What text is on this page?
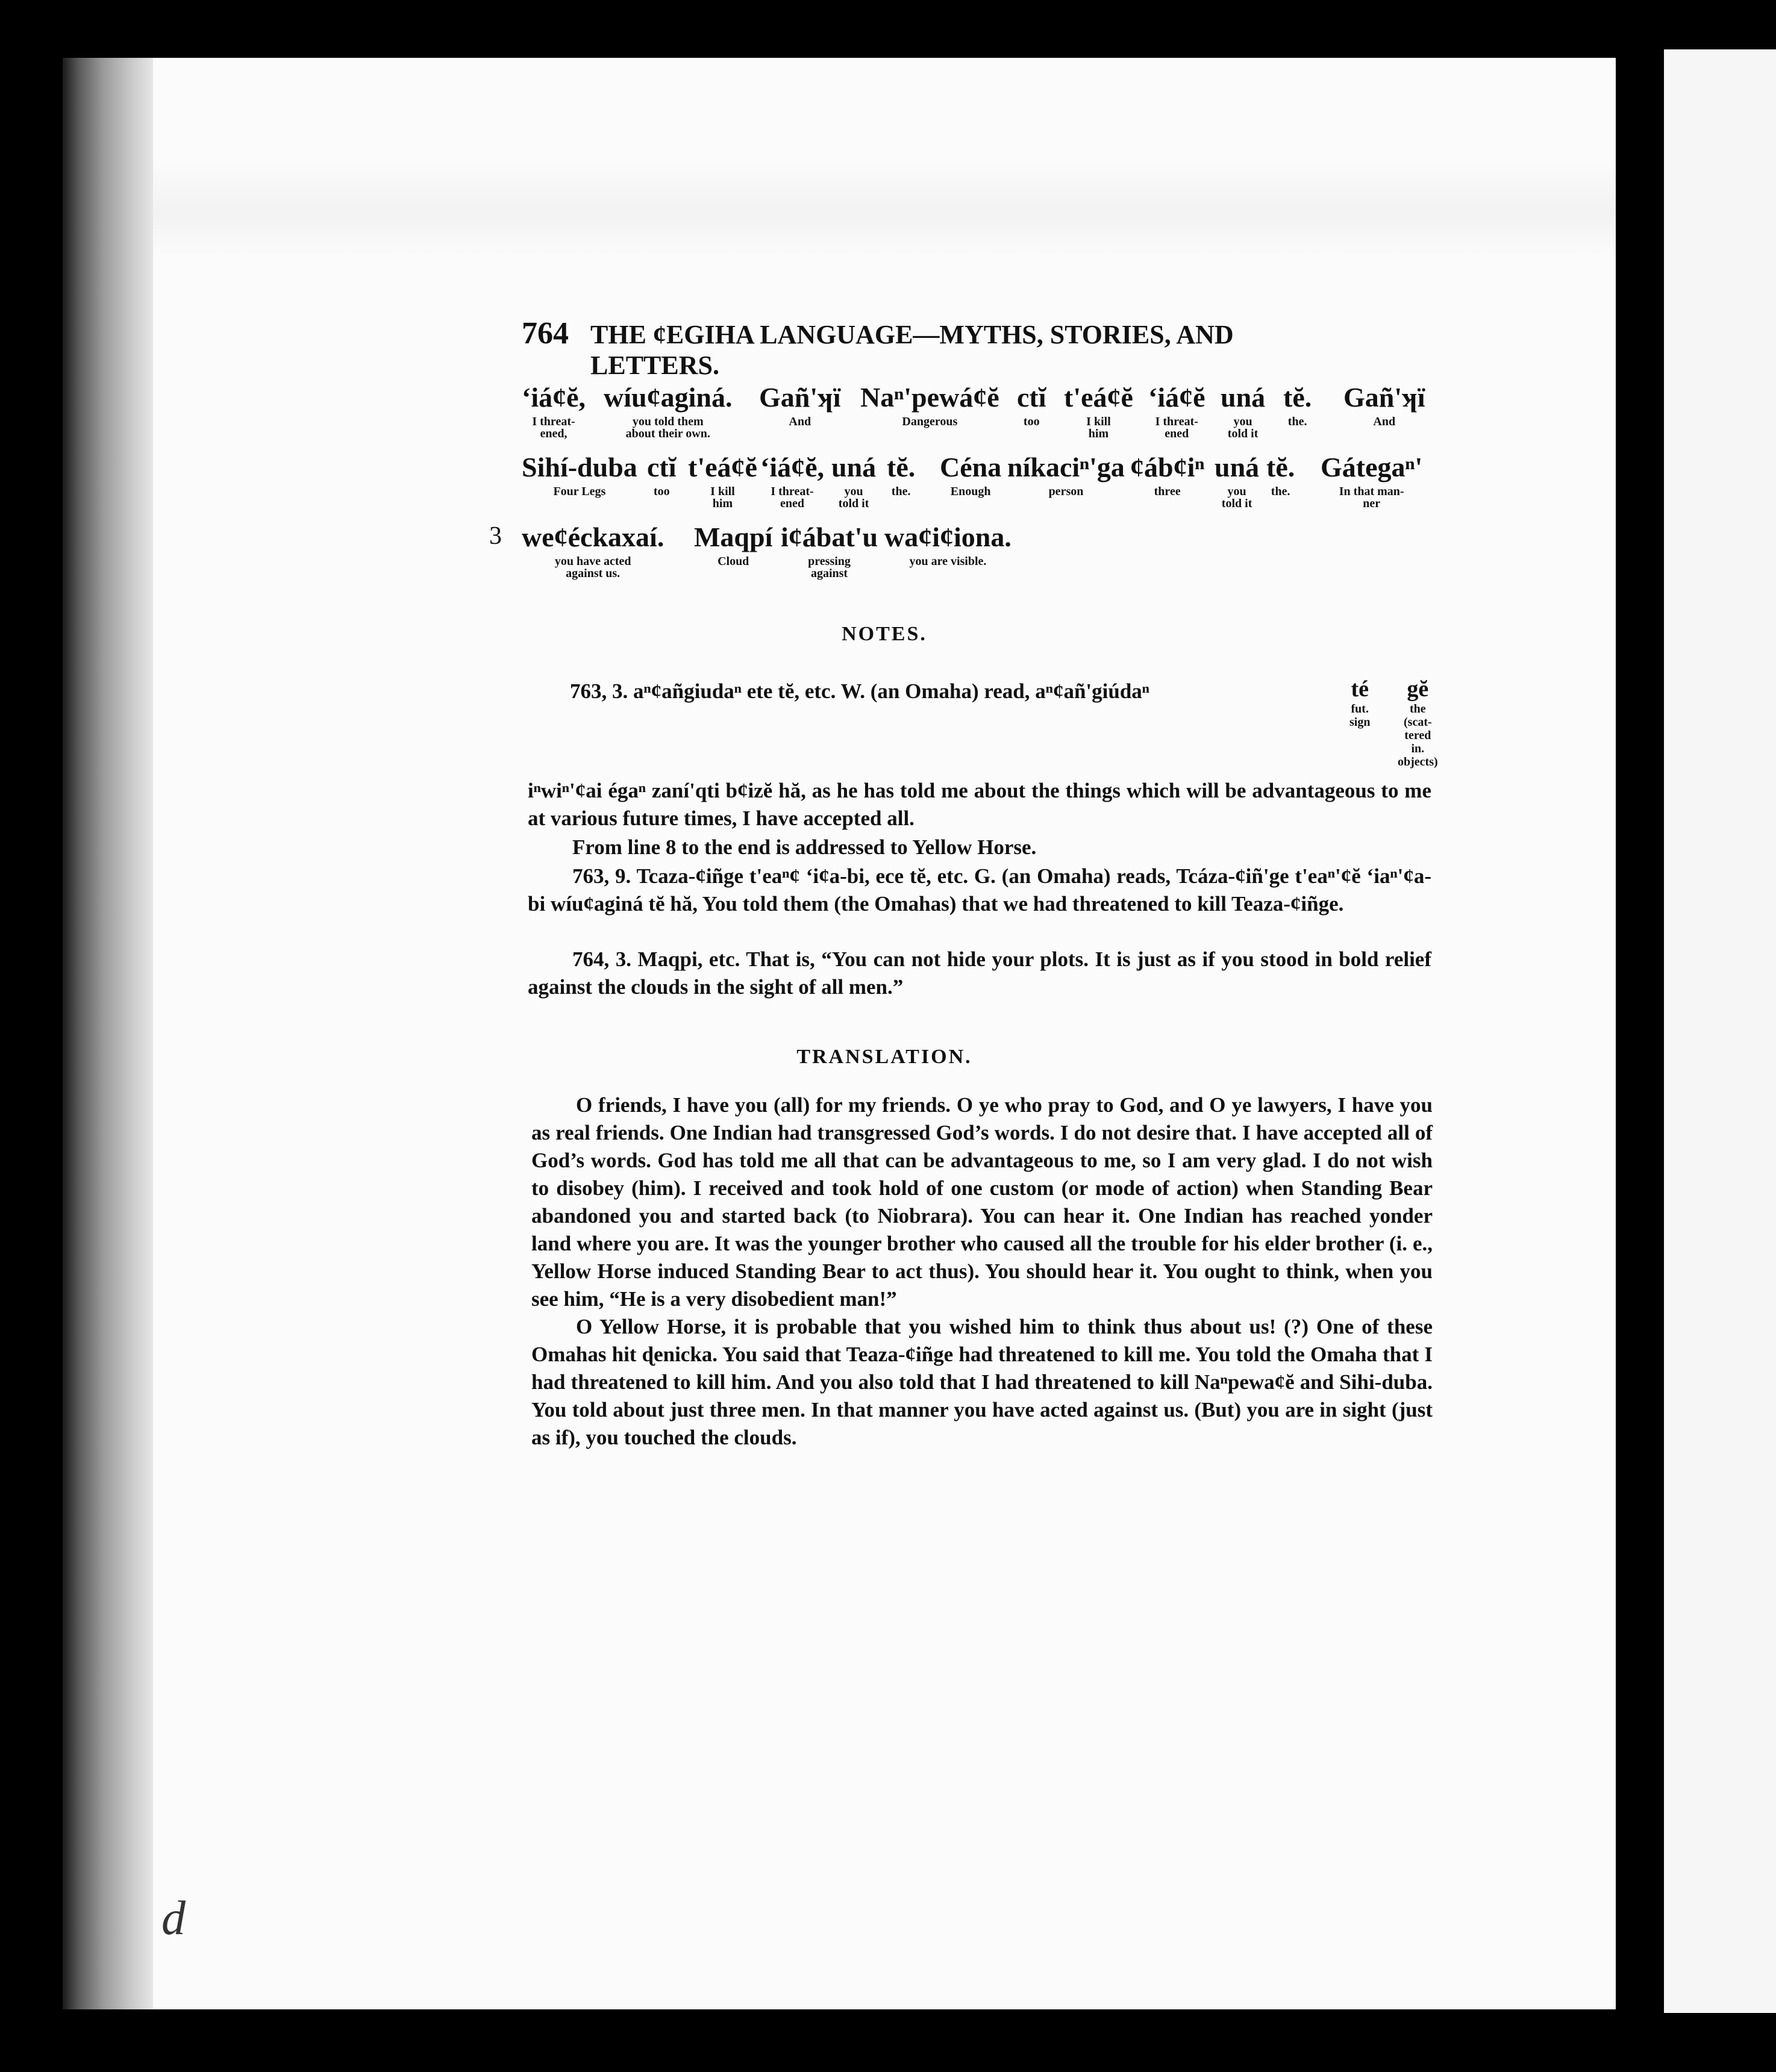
764 THE ¢EGIHA LANGUAGE—MYTHS, STORIES, AND LETTERS.
ʻiá¢ĕ,
I threat-
ened,
wíu¢aginá.
you told them
about their own.
Gañ'ʞï
And
Naⁿ'pewá¢ĕ
Dangerous
ctĭ
too
t'eá¢ĕ
I kill
him
ʻiá¢ĕ
I threat-
ened
uná
you
told it
tĕ.
the.
Gañ'ʞï
And
Sihí-duba
Four Legs
ctĭ
too
t'eá¢ĕ
I kill
him
ʻiá¢ĕ,
I threat-
ened
uná
you
told it
tĕ.
the.
Céna
Enough
níkaciⁿ'ga
person
¢áb¢iⁿ
three
uná
you
told it
tĕ.
the.
Gátegaⁿ'
In that man-
ner
3 we¢éckaxaí.
you have acted
against us.
Maqpí
Cloud
i¢ábat'u
pressing
against
wa¢i¢iona.
you are visible.
NOTES.
763, 3. aⁿ¢añgiudaⁿ ete tĕ, etc. W. (an Omaha) read, aⁿ¢añ'giúdaⁿ	té
fut.
sign
gĕ
the
(scat-
tered
in.
objects)
iⁿwiⁿ'¢ai égaⁿ zaní'qti b¢izĕ hă, as he has told me about the things which will be advantageous to me at various future times, I have accepted all.
From line 8 to the end is addressed to Yellow Horse.
763, 9. Tcaza-¢iñge t'eaⁿ¢ ʻi¢a-bi, ece tĕ, etc. G. (an Omaha) reads, Tcáza-¢iñ'ge t'eaⁿ'¢ĕ ʻiaⁿ'¢a-bi wíu¢aginá tĕ hă, You told them (the Omahas) that we had threatened to kill Teaza-¢iñge.
764, 3. Maqpi, etc. That is, “You can not hide your plots. It is just as if you stood in bold relief against the clouds in the sight of all men.”
TRANSLATION.

O friends, I have you (all) for my friends. O ye who pray to God, and O ye lawyers, I have you as real friends. One Indian had transgressed God’s words. I do not desire that. I have accepted all of God’s words. God has told me all that can be advantageous to me, so I am very glad. I do not wish to disobey (him). I received and took hold of one custom (or mode of action) when Standing Bear abandoned you and started back (to Niobrara). You can hear it. One Indian has reached yonder land where you are. It was the younger brother who caused all the trouble for his elder brother (i. e., Yellow Horse induced Standing Bear to act thus). You should hear it. You ought to think, when you see him, “He is a very disobedient man!”

O Yellow Horse, it is probable that you wished him to think thus about us! (?) One of these Omahas hit ɖenicka. You said that Teaza-¢iñge had threatened to kill me. You told the Omaha that I had threatened to kill him. And you also told that I had threatened to kill Naⁿpewa¢ĕ and Sihi-duba. You told about just three men. In that manner you have acted against us. (But) you are in sight (just as if), you touched the clouds.

d
